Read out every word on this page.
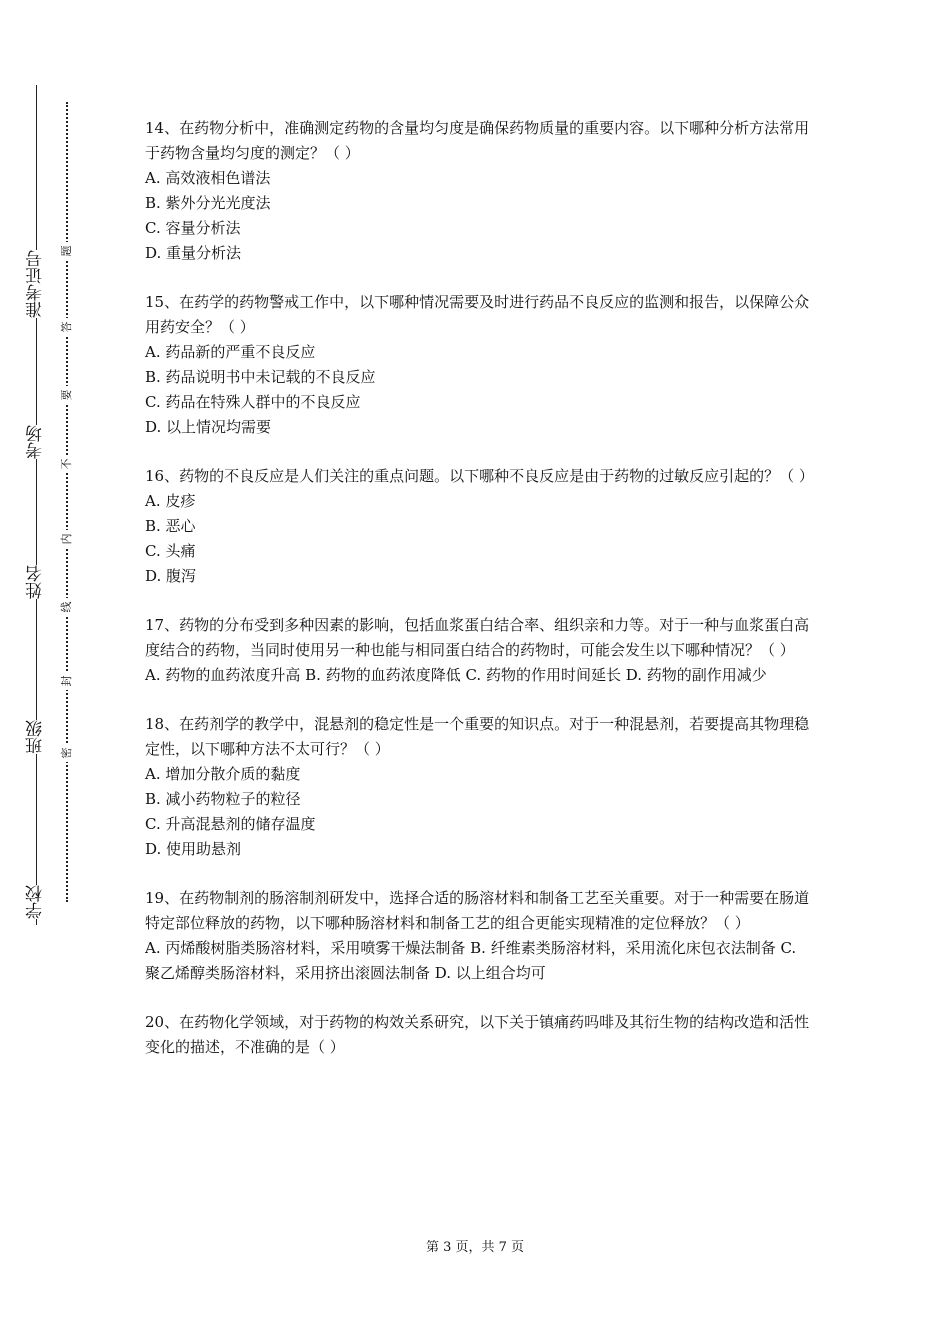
准考证号
考场
姓名
班级
学校
题
答
要
不
内
线
封
密

14、在药物分析中，准确测定药物的含量均匀度是确保药物质量的重要内容。以下哪种分析方法常用于药物含量均匀度的测定？（ ）

A. 高效液相色谱法

B. 紫外分光光度法

C. 容量分析法

D. 重量分析法

15、在药学的药物警戒工作中，以下哪种情况需要及时进行药品不良反应的监测和报告，以保障公众用药安全？（ ）

A. 药品新的严重不良反应

B. 药品说明书中未记载的不良反应

C. 药品在特殊人群中的不良反应

D. 以上情况均需要

16、药物的不良反应是人们关注的重点问题。以下哪种不良反应是由于药物的过敏反应引起的？（ ）

A. 皮疹

B. 恶心

C. 头痛

D. 腹泻

17、药物的分布受到多种因素的影响，包括血浆蛋白结合率、组织亲和力等。对于一种与血浆蛋白高度结合的药物，当同时使用另一种也能与相同蛋白结合的药物时，可能会发生以下哪种情况？（ ）

A. 药物的血药浓度升高 B. 药物的血药浓度降低 C. 药物的作用时间延长 D. 药物的副作用减少

18、在药剂学的教学中，混悬剂的稳定性是一个重要的知识点。对于一种混悬剂，若要提高其物理稳定性，以下哪种方法不太可行？（ ）

A. 增加分散介质的黏度

B. 减小药物粒子的粒径

C. 升高混悬剂的储存温度

D. 使用助悬剂

19、在药物制剂的肠溶制剂研发中，选择合适的肠溶材料和制备工艺至关重要。对于一种需要在肠道特定部位释放的药物，以下哪种肠溶材料和制备工艺的组合更能实现精准的定位释放？（ ）

A. 丙烯酸树脂类肠溶材料，采用喷雾干燥法制备 B. 纤维素类肠溶材料，采用流化床包衣法制备 C. 聚乙烯醇类肠溶材料，采用挤出滚圆法制备 D. 以上组合均可

20、在药物化学领域，对于药物的构效关系研究，以下关于镇痛药吗啡及其衍生物的结构改造和活性变化的描述，不准确的是（ ）

第 3 页，共 7 页
